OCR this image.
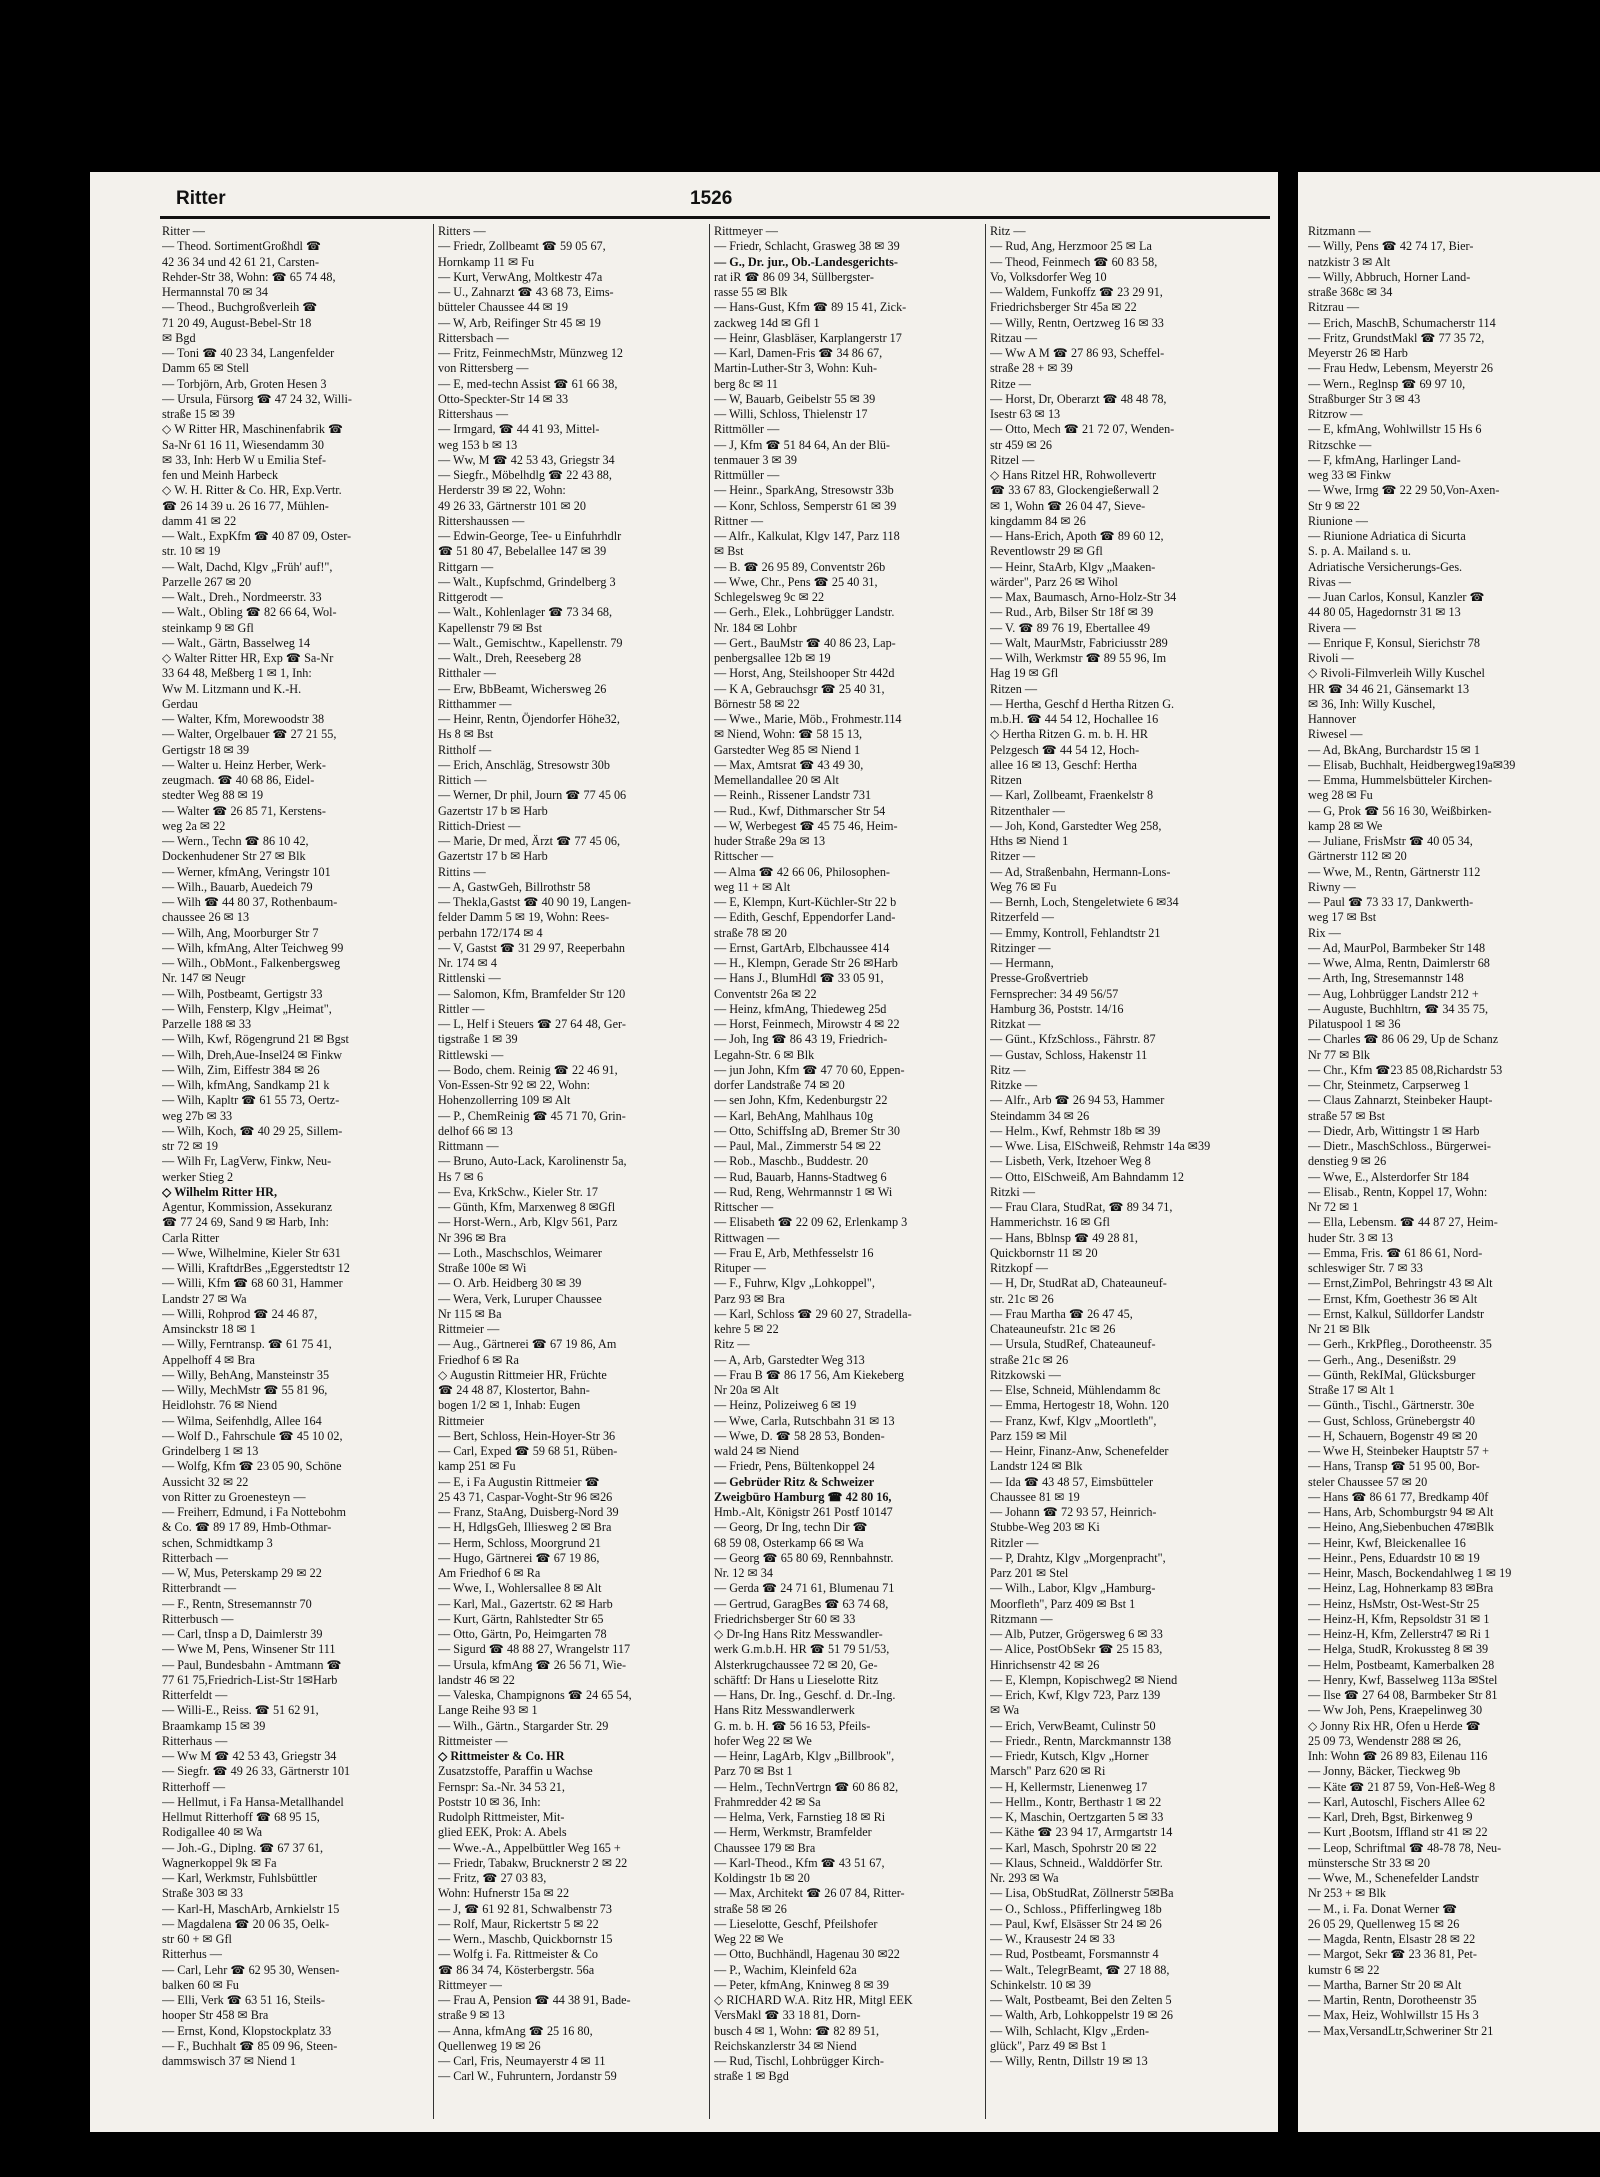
Ritter	1526
Ritter —
— Theod. SortimentGroßhdl ☎
42 36 34 und 42 61 21, Carsten-
Rehder-Str 38, Wohn: ☎ 65 74 48,
Hermannstal 70 ✉ 34
— Theod., Buchgroßverleih ☎
71 20 49, August-Bebel-Str 18
✉ Bgd
— Toni ☎ 40 23 34, Langenfelder
Damm 65 ✉ Stell
— Torbjörn, Arb, Groten Hesen 3
— Ursula, Fürsorg ☎ 47 24 32, Willi-
straße 15 ✉ 39
◇ W Ritter HR, Maschinenfabrik ☎
Sa-Nr 61 16 11, Wiesendamm 30
✉ 33, Inh: Herb W u Emilia Stef-
fen und Meinh Harbeck
◇ W. H. Ritter & Co. HR, Exp.Vertr.
☎ 26 14 39 u. 26 16 77, Mühlen-
damm 41 ✉ 22
— Walt., ExpKfm ☎ 40 87 09, Oster-
str. 10 ✉ 19
— Walt, Dachd, Klgv „Früh' auf!",
Parzelle 267 ✉ 20
— Walt., Dreh., Nordmeerstr. 33
— Walt., Obling ☎ 82 66 64, Wol-
steinkamp 9 ✉ Gfl
— Walt., Gärtn, Basselweg 14
◇ Walter Ritter HR, Exp ☎ Sa-Nr
33 64 48, Meßberg 1 ✉ 1, Inh:
Ww M. Litzmann und K.-H.
Gerdau
— Walter, Kfm, Morewoodstr 38
— Walter, Orgelbauer ☎ 27 21 55,
Gertigstr 18 ✉ 39
— Walter u. Heinz Herber, Werk-
zeugmach. ☎ 40 68 86, Eidel-
stedter Weg 88 ✉ 19
— Walter ☎ 26 85 71, Kerstens-
weg 2a ✉ 22
— Wern., Techn ☎ 86 10 42,
Dockenhudener Str 27 ✉ Blk
— Werner, kfmAng, Veringstr 101
— Wilh., Bauarb, Auedeich 79
— Wilh ☎ 44 80 37, Rothenbaum-
chaussee 26 ✉ 13
— Wilh, Ang, Moorburger Str 7
— Wilh, kfmAng, Alter Teichweg 99
— Wilh., ObMont., Falkenbergsweg
Nr. 147 ✉ Neugr
— Wilh, Postbeamt, Gertigstr 33
— Wilh, Fensterp, Klgv „Heimat",
Parzelle 188 ✉ 33
— Wilh, Kwf, Rögengrund 21 ✉ Bgst
— Wilh, Dreh,Aue-Insel24 ✉ Finkw
— Wilh, Zim, Eiffestr 384 ✉ 26
— Wilh, kfmAng, Sandkamp 21 k
— Wilh, Kapltr ☎ 61 55 73, Oertz-
weg 27b ✉ 33
— Wilh, Koch, ☎ 40 29 25, Sillem-
str 72 ✉ 19
— Wilh Fr, LagVerw, Finkw, Neu-
werker Stieg 2
◇ Wilhelm Ritter HR,
Agentur, Kommission, Assekuranz
☎ 77 24 69, Sand 9 ✉ Harb, Inh:
Carla Ritter
— Wwe, Wilhelmine, Kieler Str 631
— Willi, KraftdrBes „Eggerstedtstr 12
— Willi, Kfm ☎ 68 60 31, Hammer
Landstr 27 ✉ Wa
— Willi, Rohprod ☎ 24 46 87,
Amsinckstr 18 ✉ 1
— Willy, Ferntransp. ☎ 61 75 41,
Appelhoff 4 ✉ Bra
— Willy, BehAng, Mansteinstr 35
— Willy, MechMstr ☎ 55 81 96,
Heidlohstr. 76 ✉ Niend
— Wilma, Seifenhdlg, Allee 164
— Wolf D., Fahrschule ☎ 45 10 02,
Grindelberg 1 ✉ 13
— Wolfg, Kfm ☎ 23 05 90, Schöne
Aussicht 32 ✉ 22
von Ritter zu Groenesteyn —
— Freiherr, Edmund, i Fa Nottebohm
& Co. ☎ 89 17 89, Hmb-Othmar-
schen, Schmidtkamp 3
Ritterbach —
— W, Mus, Peterskamp 29 ✉ 22
Ritterbrandt —
— F., Rentn, Stresemannstr 70
Ritterbusch —
— Carl, tInsp a D, Daimlerstr 39
— Wwe M, Pens, Winsener Str 111
— Paul, Bundesbahn - Amtmann ☎
77 61 75,Friedrich-List-Str 1✉Harb
Ritterfeldt —
— Willi-E., Reiss. ☎ 51 62 91,
Braamkamp 15 ✉ 39
Ritterhaus —
— Ww M ☎ 42 53 43, Griegstr 34
— Siegfr. ☎ 49 26 33, Gärtnerstr 101
Ritterhoff —
— Hellmut, i Fa Hansa-Metallhandel
Hellmut Ritterhoff ☎ 68 95 15,
Rodigallee 40 ✉ Wa
— Joh.-G., Diplng. ☎ 67 37 61,
Wagnerkoppel 9k ✉ Fa
— Karl, Werkmstr, Fuhlsbüttler
Straße 303 ✉ 33
— Karl-H, MaschArb, Arnkielstr 15
— Magdalena ☎ 20 06 35, Oelk-
str 60 + ✉ Gfl
Ritterhus —
— Carl, Lehr ☎ 62 95 30, Wensen-
balken 60 ✉ Fu
— Elli, Verk ☎ 63 51 16, Steils-
hooper Str 458 ✉ Bra
— Ernst, Kond, Klopstockplatz 33
— F., Buchhalt ☎ 85 09 96, Steen-
dammswisch 37 ✉ Niend 1
Ritters —
— Friedr, Zollbeamt ☎ 59 05 67,
Hornkamp 11 ✉ Fu
— Kurt, VerwAng, Moltkestr 47a
— U., Zahnarzt ☎ 43 68 73, Eims-
bütteler Chaussee 44 ✉ 19
— W, Arb, Reifinger Str 45 ✉ 19
Rittersbach —
— Fritz, FeinmechMstr, Münzweg 12
von Rittersberg —
— E, med-techn Assist ☎ 61 66 38,
Otto-Speckter-Str 14 ✉ 33
Rittershaus —
— Irmgard, ☎ 44 41 93, Mittel-
weg 153 b ✉ 13
— Ww, M ☎ 42 53 43, Griegstr 34
— Siegfr., Möbelhdlg ☎ 22 43 88,
Herderstr 39 ✉ 22, Wohn:
49 26 33, Gärtnerstr 101 ✉ 20
Rittershaussen —
— Edwin-George, Tee- u Einfuhrhdlr
☎ 51 80 47, Bebelallee 147 ✉ 39
Rittgarn —
— Walt., Kupfschmd, Grindelberg 3
Rittgerodt —
— Walt., Kohlenlager ☎ 73 34 68,
Kapellenstr 79 ✉ Bst
— Walt., Gemischtw., Kapellenstr. 79
— Walt., Dreh, Reeseberg 28
Ritthaler —
— Erw, BbBeamt, Wichersweg 26
Ritthammer —
— Heinr, Rentn, Öjendorfer Höhe32,
Hs 8 ✉ Bst
Rittholf —
— Erich, Anschläg, Stresowstr 30b
Rittich —
— Werner, Dr phil, Journ ☎ 77 45 06
Gazertstr 17 b ✉ Harb
Rittich-Driest —
— Marie, Dr med, Ärzt ☎ 77 45 06,
Gazertstr 17 b ✉ Harb
Rittins —
— A, GastwGeh, Billrothstr 58
— Thekla,Gastst ☎ 40 90 19, Langen-
felder Damm 5 ✉ 19, Wohn: Rees-
perbahn 172/174 ✉ 4
— V, Gastst ☎ 31 29 97, Reeperbahn
Nr. 174 ✉ 4
Rittlenski —
— Salomon, Kfm, Bramfelder Str 120
Rittler —
— L, Helf i Steuers ☎ 27 64 48, Ger-
tigstraße 1 ✉ 39
Rittlewski —
— Bodo, chem. Reinig ☎ 22 46 91,
Von-Essen-Str 92 ✉ 22, Wohn:
Hohenzollerring 109 ✉ Alt
— P., ChemReinig ☎ 45 71 70, Grin-
delhof 66 ✉ 13
Rittmann —
— Bruno, Auto-Lack, Karolinenstr 5a,
Hs 7 ✉ 6
— Eva, KrkSchw., Kieler Str. 17
— Günth, Kfm, Marxenweg 8 ✉Gfl
— Horst-Wern., Arb, Klgv 561, Parz
Nr 396 ✉ Bra
— Loth., Maschschlos, Weimarer
Straße 100e ✉ Wi
— O. Arb. Heidberg 30 ✉ 39
— Wera, Verk, Luruper Chaussee
Nr 115 ✉ Ba
Rittmeier —
— Aug., Gärtnerei ☎ 67 19 86, Am
Friedhof 6 ✉ Ra
◇ Augustin Rittmeier HR, Früchte
☎ 24 48 87, Klostertor, Bahn-
bogen 1/2 ✉ 1, Inhab: Eugen
Rittmeier
— Bert, Schloss, Hein-Hoyer-Str 36
— Carl, Exped ☎ 59 68 51, Rüben-
kamp 251 ✉ Fu
— E, i Fa Augustin Rittmeier ☎
25 43 71, Caspar-Voght-Str 96 ✉26
— Franz, StaAng, Duisberg-Nord 39
— H, HdlgsGeh, Illiesweg 2 ✉ Bra
— Herm, Schloss, Moorgrund 21
— Hugo, Gärtnerei ☎ 67 19 86,
Am Friedhof 6 ✉ Ra
— Wwe, I., Wohlersallee 8 ✉ Alt
— Karl, Mal., Gazertstr. 62 ✉ Harb
— Kurt, Gärtn, Rahlstedter Str 65
— Otto, Gärtn, Po, Heimgarten 78
— Sigurd ☎ 48 88 27, Wrangelstr 117
— Ursula, kfmAng ☎ 26 56 71, Wie-
landstr 46 ✉ 22
— Valeska, Champignons ☎ 24 65 54,
Lange Reihe 93 ✉ 1
— Wilh., Gärtn., Stargarder Str. 29
Rittmeister —
◇ Rittmeister & Co. HR
Zusatzstoffe, Paraffin u Wachse
Fernspr: Sa.-Nr. 34 53 21,
Poststr 10 ✉ 36, Inh:
Rudolph Rittmeister, Mit-
glied EEK, Prok: A. Abels
— Wwe.-A., Appelbüttler Weg 165 +
— Friedr, Tabakw, Brucknerstr 2 ✉ 22
— Fritz, ☎ 27 03 83,
Wohn: Hufnerstr 15a ✉ 22
— J, ☎ 61 92 81, Schwalbenstr 73
— Rolf, Maur, Rickertstr 5 ✉ 22
— Wern., Maschb, Quickbornstr 15
— Wolfg i. Fa. Rittmeister & Co
☎ 86 34 74, Kösterbergstr. 56a
Rittmeyer —
— Frau A, Pension ☎ 44 38 91, Bade-
straße 9 ✉ 13
— Anna, kfmAng ☎ 25 16 80,
Quellenweg 19 ✉ 26
— Carl, Fris, Neumayerstr 4 ✉ 11
— Carl W., Fuhruntern, Jordanstr 59
Rittmeyer —
— Friedr, Schlacht, Grasweg 38 ✉ 39
— G., Dr. jur., Ob.-Landesgerichts-
rat iR ☎ 86 09 34, Süllbergster-
rasse 55 ✉ Blk
— Hans-Gust, Kfm ☎ 89 15 41, Zick-
zackweg 14d ✉ Gfl 1
— Heinr, Glasbläser, Karplangerstr 17
— Karl, Damen-Fris ☎ 34 86 67,
Martin-Luther-Str 3, Wohn: Kuh-
berg 8c ✉ 11
— W, Bauarb, Geibelstr 55 ✉ 39
— Willi, Schloss, Thielenstr 17
Rittmöller —
— J, Kfm ☎ 51 84 64, An der Blü-
tenmauer 3 ✉ 39
Rittmüller —
— Heinr., SparkAng, Stresowstr 33b
— Konr, Schloss, Semperstr 61 ✉ 39
Rittner —
— Alfr., Kalkulat, Klgv 147, Parz 118
✉ Bst
— B. ☎ 26 95 89, Conventstr 26b
— Wwe, Chr., Pens ☎ 25 40 31,
Schlegelsweg 9c ✉ 22
— Gerh., Elek., Lohbrügger Landstr.
Nr. 184 ✉ Lohbr
— Gert., BauMstr ☎ 40 86 23, Lap-
penbergsallee 12b ✉ 19
— Horst, Ang, Steilshooper Str 442d
— K A, Gebrauchsgr ☎ 25 40 31,
Börnestr 58 ✉ 22
— Wwe., Marie, Möb., Frohmestr.114
✉ Niend, Wohn: ☎ 58 15 13,
Garstedter Weg 85 ✉ Niend 1
— Max, Amtsrat ☎ 43 49 30,
Memellandallee 20 ✉ Alt
— Reinh., Rissener Landstr 731
— Rud., Kwf, Dithmarscher Str 54
— W, Werbegest ☎ 45 75 46, Heim-
huder Straße 29a ✉ 13
Rittscher —
— Alma ☎ 42 66 06, Philosophen-
weg 11 + ✉ Alt
— E, Klempn, Kurt-Küchler-Str 22 b
— Edith, Geschf, Eppendorfer Land-
straße 78 ✉ 20
— Ernst, GartArb, Elbchaussee 414
— H., Klempn, Gerade Str 26 ✉Harb
— Hans J., BlumHdl ☎ 33 05 91,
Conventstr 26a ✉ 22
— Heinz, kfmAng, Thiedeweg 25d
— Horst, Feinmech, Mirowstr 4 ✉ 22
— Joh, Ing ☎ 86 43 19, Friedrich-
Legahn-Str. 6 ✉ Blk
— jun John, Kfm ☎ 47 70 60, Eppen-
dorfer Landstraße 74 ✉ 20
— sen John, Kfm, Kedenburgstr 22
— Karl, BehAng, Mahlhaus 10g
— Otto, SchiffsIng aD, Bremer Str 30
— Paul, Mal., Zimmerstr 54 ✉ 22
— Rob., Maschb., Buddestr. 20
— Rud, Bauarb, Hanns-Stadtweg 6
— Rud, Reng, Wehrmannstr 1 ✉ Wi
Rittscher —
— Elisabeth ☎ 22 09 62, Erlenkamp 3
Rittwagen —
— Frau E, Arb, Methfesselstr 16
Rituper —
— F., Fuhrw, Klgv „Lohkoppel",
Parz 93 ✉ Bra
— Karl, Schloss ☎ 29 60 27, Stradella-
kehre 5 ✉ 22
Ritz —
— A, Arb, Garstedter Weg 313
— Frau B ☎ 86 17 56, Am Kiekeberg
Nr 20a ✉ Alt
— Heinz, Polizeiweg 6 ✉ 19
— Wwe, Carla, Rutschbahn 31 ✉ 13
— Wwe, D. ☎ 58 28 53, Bonden-
wald 24 ✉ Niend
— Friedr, Pens, Bültenkoppel 24
— Gebrüder Ritz & Schweizer
Zweigbüro Hamburg ☎ 42 80 16,
Hmb.-Alt, Königstr 261 Postf 10147
— Georg, Dr Ing, techn Dir ☎
68 59 08, Osterkamp 66 ✉ Wa
— Georg ☎ 65 80 69, Rennbahnstr.
Nr. 12 ✉ 34
— Gerda ☎ 24 71 61, Blumenau 71
— Gertrud, GaragBes ☎ 63 74 68,
Friedrichsberger Str 60 ✉ 33
◇ Dr-Ing Hans Ritz Messwandler-
werk G.m.b.H. HR ☎ 51 79 51/53,
Alsterkrugchaussee 72 ✉ 20, Ge-
schäftf: Dr Hans u Lieselotte Ritz
— Hans, Dr. Ing., Geschf. d. Dr.-Ing.
Hans Ritz Messwandlerwerk
G. m. b. H. ☎ 56 16 53, Pfeils-
hofer Weg 22 ✉ We
— Heinr, LagArb, Klgv „Billbrook",
Parz 70 ✉ Bst 1
— Helm., TechnVertrgn ☎ 60 86 82,
Frahmredder 42 ✉ Sa
— Helma, Verk, Farnstieg 18 ✉ Ri
— Herm, Werkmstr, Bramfelder
Chaussee 179 ✉ Bra
— Karl-Theod., Kfm ☎ 43 51 67,
Koldingstr 1b ✉ 20
— Max, Architekt ☎ 26 07 84, Ritter-
straße 58 ✉ 26
— Lieselotte, Geschf, Pfeilshofer
Weg 22 ✉ We
— Otto, Buchhändl, Hagenau 30 ✉22
— P., Wachim, Kleinfeld 62a
— Peter, kfmAng, Kninweg 8 ✉ 39
◇ RICHARD W.A. Ritz HR, Mitgl EEK
VersMakl ☎ 33 18 81, Dorn-
busch 4 ✉ 1, Wohn: ☎ 82 89 51,
Reichskanzlerstr 34 ✉ Niend
— Rud, Tischl, Lohbrügger Kirch-
straße 1 ✉ Bgd
Ritz —
— Rud, Ang, Herzmoor 25 ✉ La
— Theod, Feinmech ☎ 60 83 58,
Vo, Volksdorfer Weg 10
— Waldem, Funkoffz ☎ 23 29 91,
Friedrichsberger Str 45a ✉ 22
— Willy, Rentn, Oertzweg 16 ✉ 33
Ritzau —
— Ww A M ☎ 27 86 93, Scheffel-
straße 28 + ✉ 39
Ritze —
— Horst, Dr, Oberarzt ☎ 48 48 78,
Isestr 63 ✉ 13
— Otto, Mech ☎ 21 72 07, Wenden-
str 459 ✉ 26
Ritzel —
◇ Hans Ritzel HR, Rohwollevertr
☎ 33 67 83, Glockengießerwall 2
✉ 1, Wohn ☎ 26 04 47, Sieve-
kingdamm 84 ✉ 26
— Hans-Erich, Apoth ☎ 89 60 12,
Reventlowstr 29 ✉ Gfl
— Heinr, StaArb, Klgv „Maaken-
wärder", Parz 26 ✉ Wihol
— Max, Baumasch, Arno-Holz-Str 34
— Rud., Arb, Bilser Str 18f ✉ 39
— V. ☎ 89 76 19, Ebertallee 49
— Walt, MaurMstr, Fabriciusstr 289
— Wilh, Werkmstr ☎ 89 55 96, Im
Hag 19 ✉ Gfl
Ritzen —
— Hertha, Geschf d Hertha Ritzen G.
m.b.H. ☎ 44 54 12, Hochallee 16
◇ Hertha Ritzen G. m. b. H. HR
Pelzgesch ☎ 44 54 12, Hoch-
allee 16 ✉ 13, Geschf: Hertha
Ritzen
— Karl, Zollbeamt, Fraenkelstr 8
Ritzenthaler —
— Joh, Kond, Garstedter Weg 258,
Hths ✉ Niend 1
Ritzer —
— Ad, Straßenbahn, Hermann-Lons-
Weg 76 ✉ Fu
— Bernh, Loch, Stengeletwiete 6 ✉34
Ritzerfeld —
— Emmy, Kontroll, Fehlandtstr 21
Ritzinger —
— Hermann,
Presse-Großvertrieb
Fernsprecher: 34 49 56/57
Hamburg 36, Poststr. 14/16
Ritzkat —
— Günt., KfzSchloss., Fährstr. 87
— Gustav, Schloss, Hakenstr 11
Ritz —
Ritzke —
— Alfr., Arb ☎ 26 94 53, Hammer
Steindamm 34 ✉ 26
— Helm., Kwf, Rehmstr 18b ✉ 39
— Wwe. Lisa, ElSchweiß, Rehmstr 14a ✉39
— Lisbeth, Verk, Itzehoer Weg 8
— Otto, ElSchweiß, Am Bahndamm 12
Ritzki —
— Frau Clara, StudRat, ☎ 89 34 71,
Hammerichstr. 16 ✉ Gfl
— Hans, Bblnsp ☎ 49 28 81,
Quickbornstr 11 ✉ 20
Ritzkopf —
— H, Dr, StudRat aD, Chateauneuf-
str. 21c ✉ 26
— Frau Martha ☎ 26 47 45,
Chateauneufstr. 21c ✉ 26
— Ursula, StudRef, Chateauneuf-
straße 21c ✉ 26
Ritzkowski —
— Else, Schneid, Mühlendamm 8c
— Emma, Hertogestr 18, Wohn. 120
— Franz, Kwf, Klgv „Moortleth",
Parz 159 ✉ Mil
— Heinr, Finanz-Anw, Schenefelder
Landstr 124 ✉ Blk
— Ida ☎ 43 48 57, Eimsbütteler
Chaussee 81 ✉ 19
— Johann ☎ 72 93 57, Heinrich-
Stubbe-Weg 203 ✉ Ki
Ritzler —
— P, Drahtz, Klgv „Morgenpracht",
Parz 201 ✉ Stel
— Wilh., Labor, Klgv „Hamburg-
Moorfleth", Parz 409 ✉ Bst 1
Ritzmann —
— Alb, Putzer, Grögersweg 6 ✉ 33
— Alice, PostObSekr ☎ 25 15 83,
Hinrichsenstr 42 ✉ 26
— E, Klempn, Kopischweg2 ✉ Niend
— Erich, Kwf, Klgv 723, Parz 139
✉ Wa
— Erich, VerwBeamt, Culinstr 50
— Friedr., Rentn, Marckmannstr 138
— Friedr, Kutsch, Klgv „Horner
Marsch" Parz 620 ✉ Ri
— H, Kellermstr, Lienenweg 17
— Hellm., Kontr, Berthastr 1 ✉ 22
— K, Maschin, Oertzgarten 5 ✉ 33
— Käthe ☎ 23 94 17, Armgartstr 14
— Karl, Masch, Spohrstr 20 ✉ 22
— Klaus, Schneid., Walddörfer Str.
Nr. 293 ✉ Wa
— Lisa, ObStudRat, Zöllnerstr 5✉Ba
— O., Schloss., Pfifferlingweg 18b
— Paul, Kwf, Elsässer Str 24 ✉ 26
— W., Krausestr 24 ✉ 33
— Rud, Postbeamt, Forsmannstr 4
— Walt., TelegrBeamt, ☎ 27 18 88,
Schinkelstr. 10 ✉ 39
— Walt, Postbeamt, Bei den Zelten 5
— Walth, Arb, Lohkoppelstr 19 ✉ 26
— Wilh, Schlacht, Klgv „Erden-
glück", Parz 49 ✉ Bst 1
— Willy, Rentn, Dillstr 19 ✉ 13
Ritzmann —
— Willy, Pens ☎ 42 74 17, Bier-
natzkistr 3 ✉ Alt
— Willy, Abbruch, Horner Land-
straße 368c ✉ 34
Ritzrau —
— Erich, MaschB, Schumacherstr 114
— Fritz, GrundstMakl ☎ 77 35 72,
Meyerstr 26 ✉ Harb
— Frau Hedw, Lebensm, Meyerstr 26
— Wern., Reglnsp ☎ 69 97 10,
Straßburger Str 3 ✉ 43
Ritzrow —
— E, kfmAng, Wohlwillstr 15 Hs 6
Ritzschke —
— F, kfmAng, Harlinger Land-
weg 33 ✉ Finkw
— Wwe, Irmg ☎ 22 29 50,Von-Axen-
Str 9 ✉ 22
Riunione —
— Riunione Adriatica di Sicurta
S. p. A. Mailand s. u.
Adriatische Versicherungs-Ges.
Rivas —
— Juan Carlos, Konsul, Kanzler ☎
44 80 05, Hagedornstr 31 ✉ 13
Rivera —
— Enrique F, Konsul, Sierichstr 78
Rivoli —
◇ Rivoli-Filmverleih Willy Kuschel
HR ☎ 34 46 21, Gänsemarkt 13
✉ 36, Inh: Willy Kuschel,
Hannover
Riwesel —
— Ad, BkAng, Burchardstr 15 ✉ 1
— Elisab, Buchhalt, Heidbergweg19a✉39
— Emma, Hummelsbütteler Kirchen-
weg 28 ✉ Fu
— G, Prok ☎ 56 16 30, Weißbirken-
kamp 28 ✉ We
— Juliane, FrisMstr ☎ 40 05 34,
Gärtnerstr 112 ✉ 20
— Wwe, M., Rentn, Gärtnerstr 112
Riwny —
— Paul ☎ 73 33 17, Dankwerth-
weg 17 ✉ Bst
Rix —
— Ad, MaurPol, Barmbeker Str 148
— Wwe, Alma, Rentn, Daimlerstr 68
— Arth, Ing, Stresemannstr 148
— Aug, Lohbrügger Landstr 212 +
— Auguste, Buchhltrn, ☎ 34 35 75,
Pilatuspool 1 ✉ 36
— Charles ☎ 86 06 29, Up de Schanz
Nr 77 ✉ Blk
— Chr., Kfm ☎23 85 08,Richardstr 53
— Chr, Steinmetz, Carpserweg 1
— Claus Zahnarzt, Steinbeker Haupt-
straße 57 ✉ Bst
— Diedr, Arb, Wittingstr 1 ✉ Harb
— Dietr., MaschSchloss., Bürgerwei-
denstieg 9 ✉ 26
— Wwe, E., Alsterdorfer Str 184
— Elisab., Rentn, Koppel 17, Wohn:
Nr 72 ✉ 1
— Ella, Lebensm. ☎ 44 87 27, Heim-
huder Str. 3 ✉ 13
— Emma, Fris. ☎ 61 86 61, Nord-
schleswiger Str. 7 ✉ 33
— Ernst,ZimPol, Behringstr 43 ✉ Alt
— Ernst, Kfm, Goethestr 36 ✉ Alt
— Ernst, Kalkul, Sülldorfer Landstr
Nr 21 ✉ Blk
— Gerh., KrkPfleg., Dorotheenstr. 35
— Gerh., Ang., Desenißstr. 29
— Günth, RekIMal, Glücksburger
Straße 17 ✉ Alt 1
— Günth., Tischl., Gärtnerstr. 30e
— Gust, Schloss, Grünebergstr 40
— H, Schauern, Bogenstr 49 ✉ 20
— Wwe H, Steinbeker Hauptstr 57 +
— Hans, Transp ☎ 51 95 00, Bor-
steler Chaussee 57 ✉ 20
— Hans ☎ 86 61 77, Bredkamp 40f
— Hans, Arb, Schomburgstr 94 ✉ Alt
— Heino, Ang,Siebenbuchen 47✉Blk
— Heinr, Kwf, Bleickenallee 16
— Heinr., Pens, Eduardstr 10 ✉ 19
— Heinr, Masch, Bockendahlweg 1 ✉ 19
— Heinz, Lag, Hohnerkamp 83 ✉Bra
— Heinz, HsMstr, Ost-West-Str 25
— Heinz-H, Kfm, Repsoldstr 31 ✉ 1
— Heinz-H, Kfm, Zellerstr47 ✉ Ri 1
— Helga, StudR, Krokussteg 8 ✉ 39
— Helm, Postbeamt, Kamerbalken 28
— Henry, Kwf, Basselweg 113a ✉Stel
— Ilse ☎ 27 64 08, Barmbeker Str 81
— Ww Joh, Pens, Kraepelinweg 30
◇ Jonny Rix HR, Ofen u Herde ☎
25 09 73, Wendenstr 288 ✉ 26,
Inh: Wohn ☎ 26 89 83, Eilenau 116
— Jonny, Bäcker, Tieckweg 9b
— Käte ☎ 21 87 59, Von-Heß-Weg 8
— Karl, Autoschl, Fischers Allee 62
— Karl, Dreh, Bgst, Birkenweg 9
— Kurt ,Bootsm, Iffland str 41 ✉ 22
— Leop, Schriftmal ☎ 48-78 78, Neu-
münstersche Str 33 ✉ 20
— Wwe, M., Schenefelder Landstr
Nr 253 + ✉ Blk
— M., i. Fa. Donat Werner ☎
26 05 29, Quellenweg 15 ✉ 26
— Magda, Rentn, Elsastr 28 ✉ 22
— Margot, Sekr ☎ 23 36 81, Pet-
kumstr 6 ✉ 22
— Martha, Barner Str 20 ✉ Alt
— Martin, Rentn, Dorotheenstr 35
— Max, Heiz, Wohlwillstr 15 Hs 3
— Max,VersandLtr,Schweriner Str 21
